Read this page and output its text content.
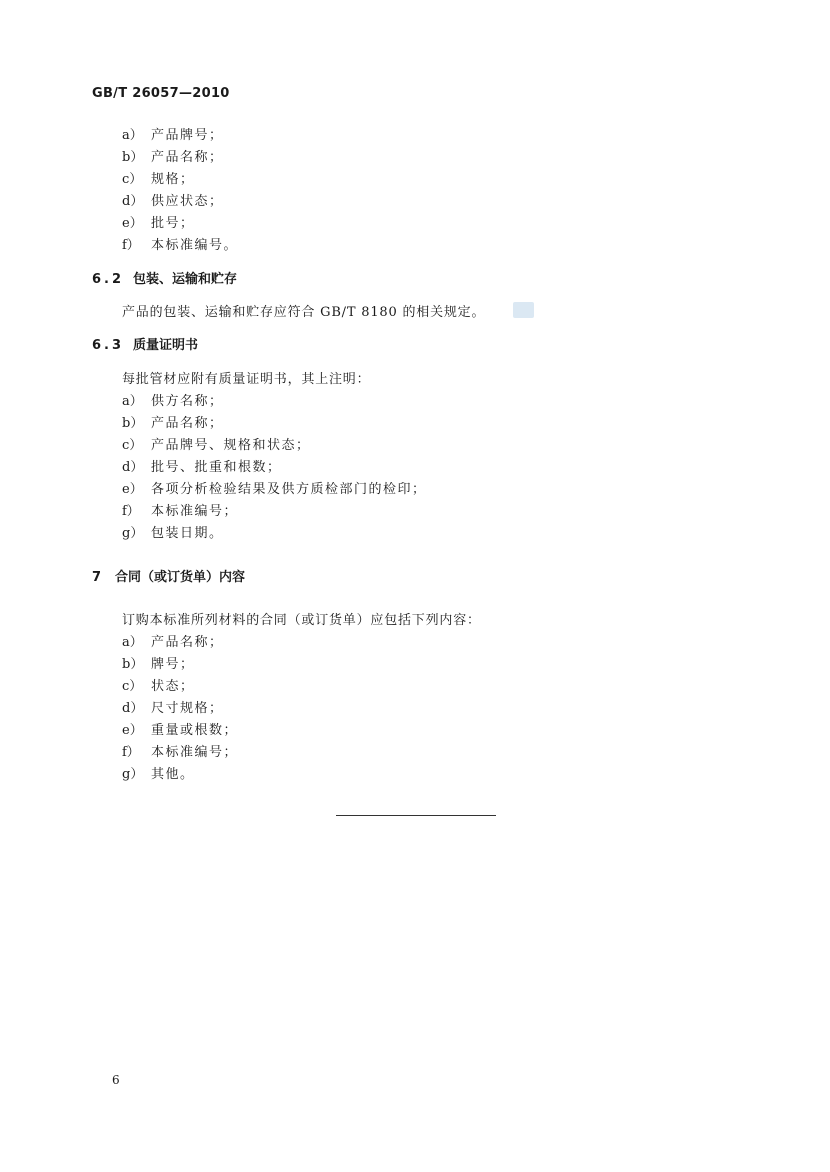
GB/T 26057—2010
a） 产品牌号；
b） 产品名称；
c） 规格；
d） 供应状态；
e） 批号；
f） 本标准编号。
6.2 包装、运输和贮存
产品的包装、运输和贮存应符合 GB/T 8180 的相关规定。
6.3 质量证明书
每批管材应附有质量证明书，其上注明：
a） 供方名称；
b） 产品名称；
c） 产品牌号、规格和状态；
d） 批号、批重和根数；
e） 各项分析检验结果及供方质检部门的检印；
f） 本标准编号；
g） 包装日期。
7 合同（或订货单）内容
订购本标准所列材料的合同（或订货单）应包括下列内容：
a） 产品名称；
b） 牌号；
c） 状态；
d） 尺寸规格；
e） 重量或根数；
f） 本标准编号；
g） 其他。
6
